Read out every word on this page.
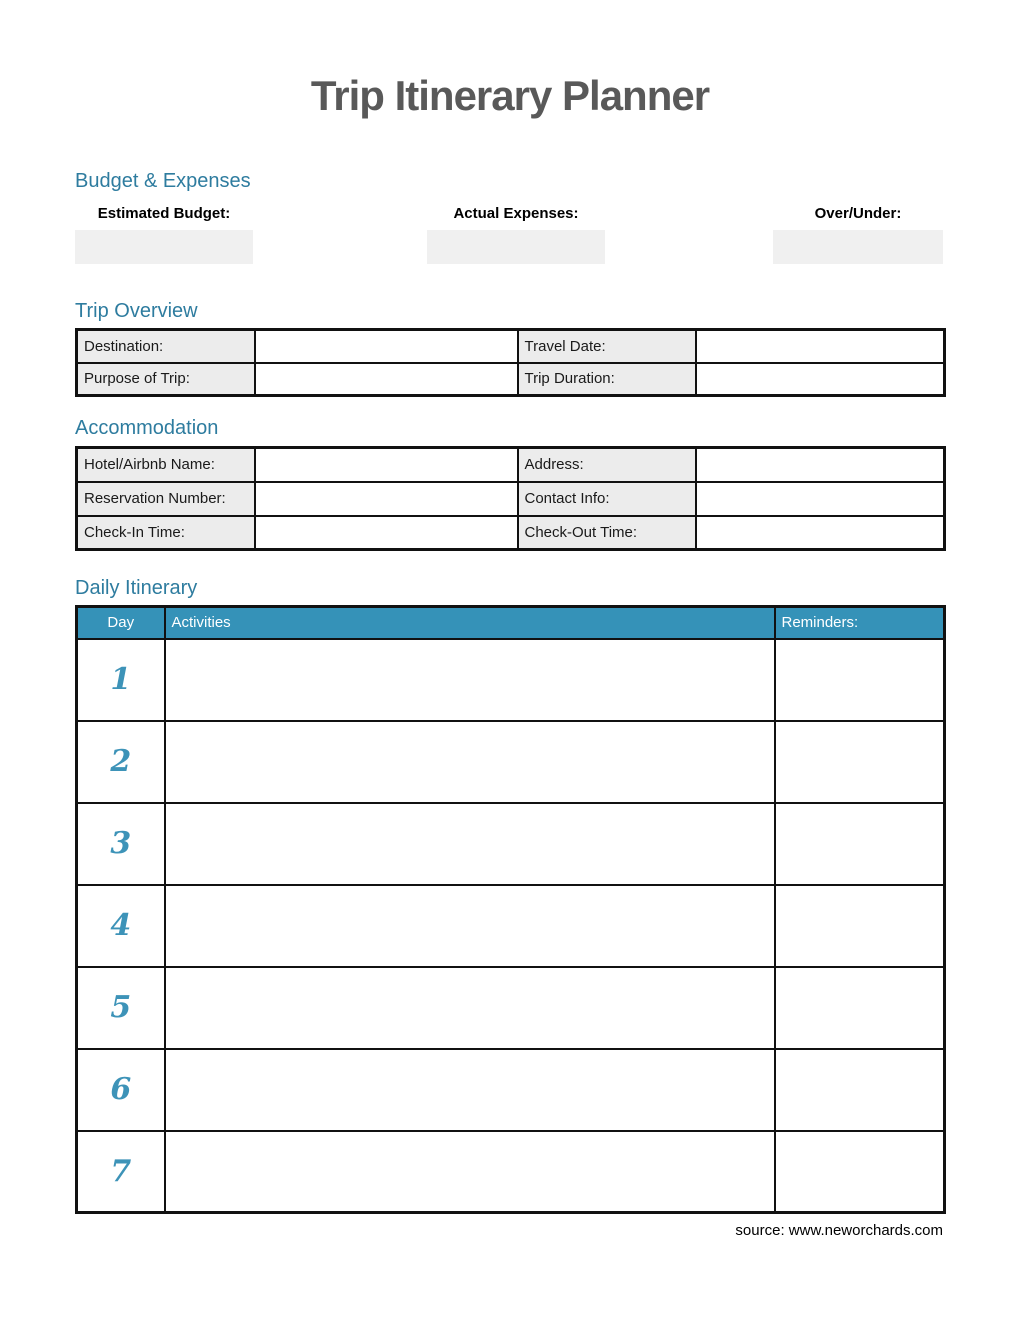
Trip Itinerary Planner
Budget & Expenses
Estimated Budget:	Actual Expenses:	Over/Under:
Trip Overview
Destination:		Travel Date:	
Purpose of Trip:		Trip Duration:	
Accommodation
Hotel/Airbnb Name:		Address:	
Reservation Number:		Contact Info:	
Check-In Time:		Check-Out Time:	
Daily Itinerary
Day	Activities	Reminders:
1		
2		
3		
4		
5		
6		
7		
source: www.neworchards.com
